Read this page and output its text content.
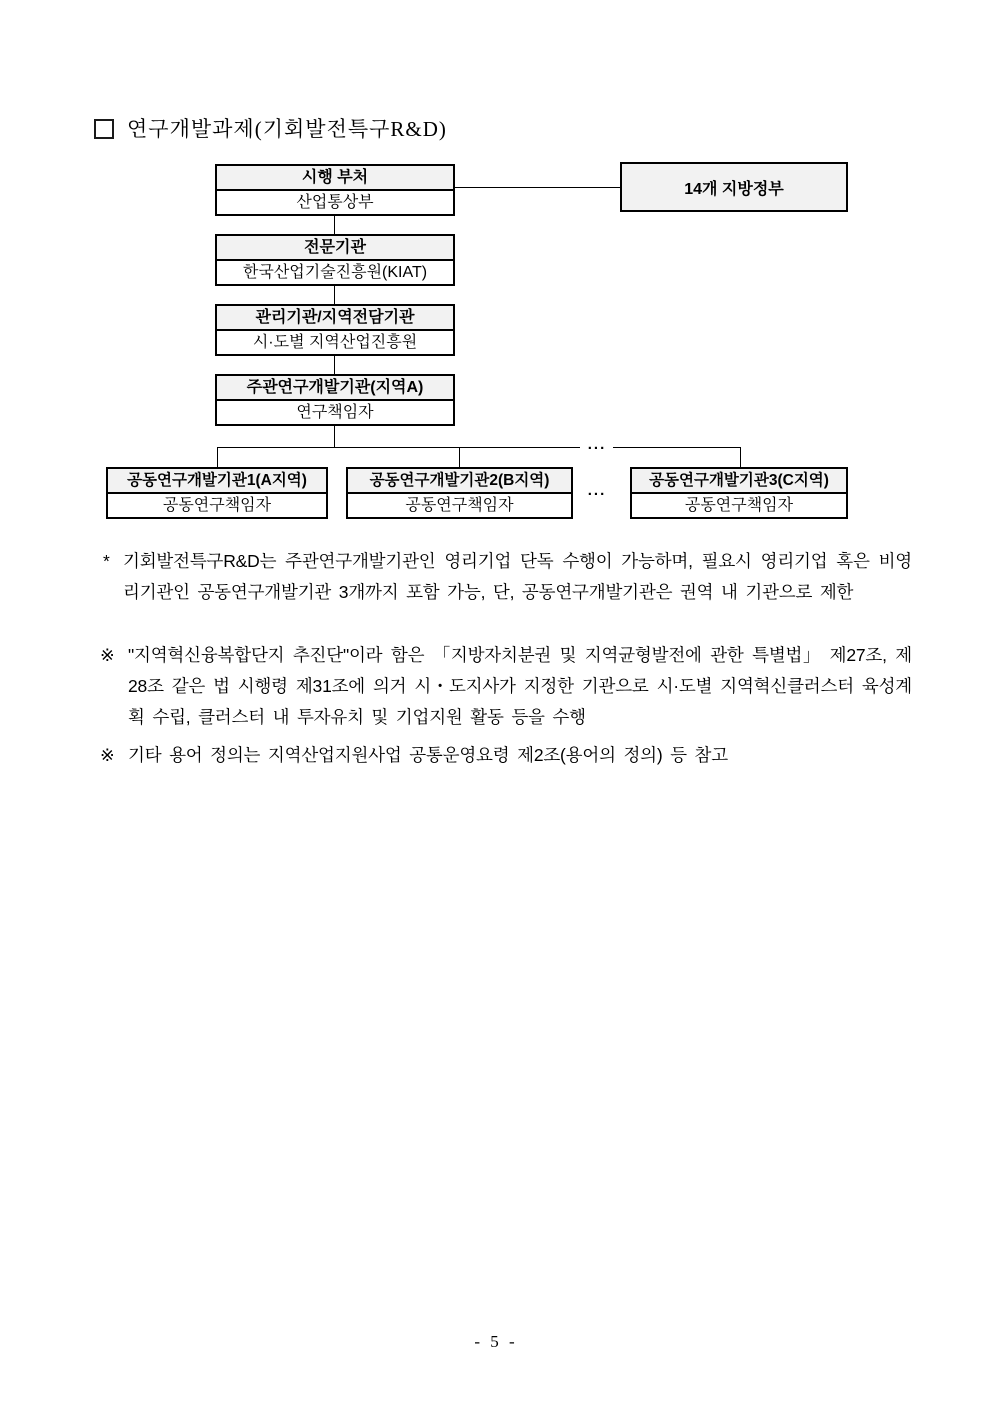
연구개발과제(기회발전특구R&D)
...
...
시행 부처
산업통상부
14개 지방정부
전문기관
한국산업기술진흥원(KIAT)
관리기관/지역전담기관
시·도별 지역산업진흥원
주관연구개발기관(지역A)
연구책임자
공동연구개발기관1(A지역)
공동연구책임자
공동연구개발기관2(B지역)
공동연구책임자
공동연구개발기관3(C지역)
공동연구책임자
* 기회발전특구R&D는 주관연구개발기관인 영리기업 단독 수행이 가능하며, 필요시 영리기업 혹은 비영리기관인 공동연구개발기관 3개까지 포함 가능, 단, 공동연구개발기관은 권역 내 기관으로 제한
※ "지역혁신융복합단지 추진단"이라 함은 「지방자치분권 및 지역균형발전에 관한 특별법」 제27조, 제28조 같은 법 시행령 제31조에 의거 시・도지사가 지정한 기관으로 시·도별 지역혁신클러스터 육성계획 수립, 클러스터 내 투자유치 및 기업지원 활동 등을 수행
※ 기타 용어 정의는 지역산업지원사업 공통운영요령 제2조(용어의 정의) 등 참고
- 5 -
